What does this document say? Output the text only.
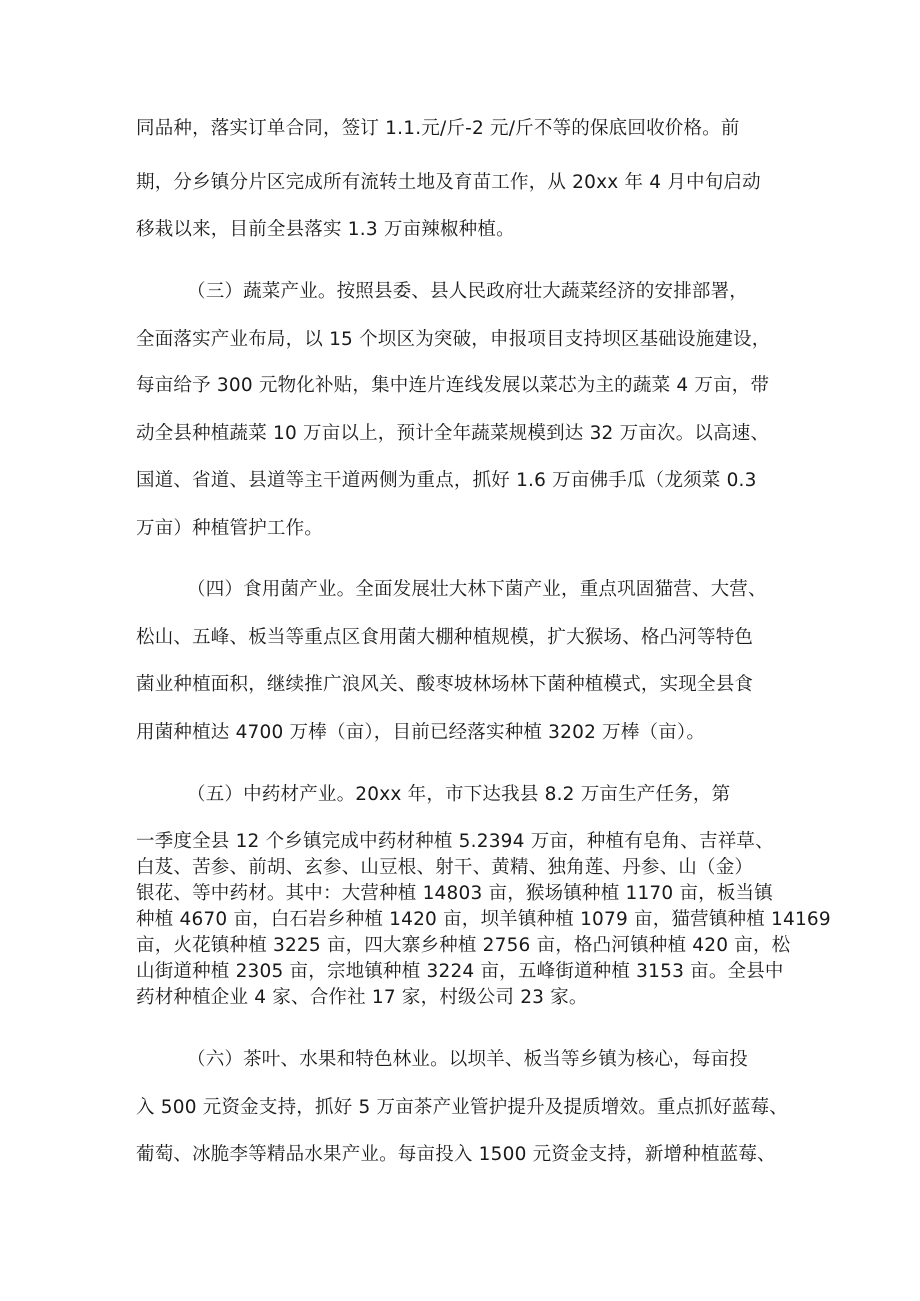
同品种，落实订单合同，签订 1.1.元/斤-2 元/斤不等的保底回收价格。前
期，分乡镇分片区完成所有流转土地及育苗工作，从 20xx 年 4 月中旬启动
移栽以来，目前全县落实 1.3 万亩辣椒种植。
（三）蔬菜产业。按照县委、县人民政府壮大蔬菜经济的安排部署，
全面落实产业布局，以 15 个坝区为突破，申报项目支持坝区基础设施建设，
每亩给予 300 元物化补贴，集中连片连线发展以菜芯为主的蔬菜 4 万亩，带
动全县种植蔬菜 10 万亩以上，预计全年蔬菜规模到达 32 万亩次。以高速、
国道、省道、县道等主干道两侧为重点，抓好 1.6 万亩佛手瓜（龙须菜 0.3
万亩）种植管护工作。
（四）食用菌产业。全面发展壮大林下菌产业，重点巩固猫营、大营、
松山、五峰、板当等重点区食用菌大棚种植规模，扩大猴场、格凸河等特色
菌业种植面积，继续推广浪风关、酸枣坡林场林下菌种植模式，实现全县食
用菌种植达 4700 万棒（亩），目前已经落实种植 3202 万棒（亩）。
（五）中药材产业。20xx 年，市下达我县 8.2 万亩生产任务，第
一季度全县 12 个乡镇完成中药材种植 5.2394 万亩，种植有皂角、吉祥草、
白芨、苦参、前胡、玄参、山豆根、射干、黄精、独角莲、丹参、山（金）
银花、等中药材。其中：大营种植 14803 亩，猴场镇种植 1170 亩，板当镇
种植 4670 亩，白石岩乡种植 1420 亩，坝羊镇种植 1079 亩，猫营镇种植 14169
亩，火花镇种植 3225 亩，四大寨乡种植 2756 亩，格凸河镇种植 420 亩，松
山街道种植 2305 亩，宗地镇种植 3224 亩，五峰街道种植 3153 亩。全县中
药材种植企业 4 家、合作社 17 家，村级公司 23 家。
（六）茶叶、水果和特色林业。以坝羊、板当等乡镇为核心，每亩投
入 500 元资金支持，抓好 5 万亩茶产业管护提升及提质增效。重点抓好蓝莓、
葡萄、冰脆李等精品水果产业。每亩投入 1500 元资金支持，新增种植蓝莓、
